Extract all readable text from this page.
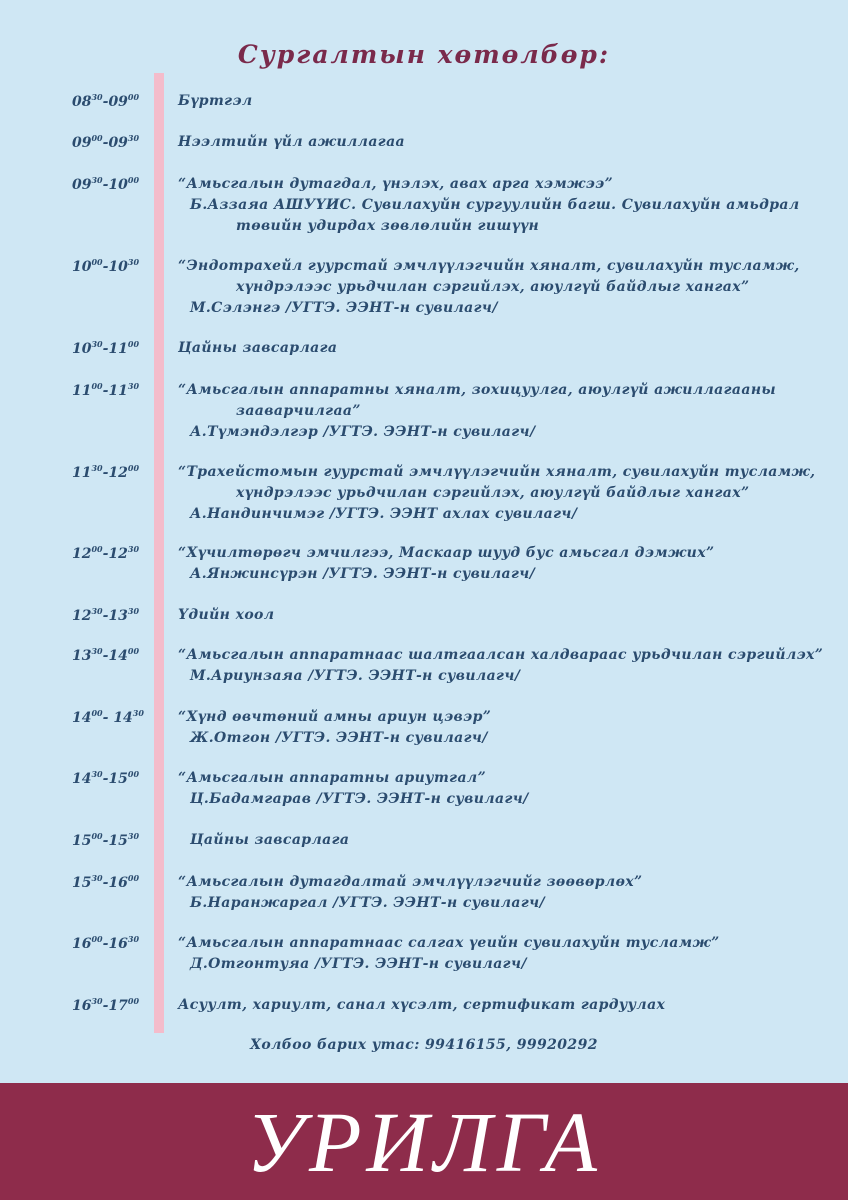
Сургалтын хөтөлбөр:
$08^{30}-09^{00}$	Бүртгэл
$09^{00}-09^{30}$	Нээлтийн үйл ажиллагаа
$09^{30}-10^{00}$	“Амьсгалын дутагдал, үнэлэх, авах арга хэмжээ”
Б.Аззаяа АШУҮИС. Сувилахуйн сургуулийн багш. Сувилахуйн амьдрал
төвийн удирдах зөвлөлийн гишүүн
$10^{00}-10^{30}$	“Эндотрахейл гуурстай эмчлүүлэгчийн хяналт, сувилахуйн тусламж,
хүндрэлээс урьдчилан сэргийлэх, аюулгүй байдлыг хангах”
М.Сэлэнгэ /УГТЭ. ЭЭНТ-н сувилагч/
$10^{30}-11^{00}$	Цайны завсарлага
$11^{00}-11^{30}$	“Амьсгалын аппаратны хяналт, зохицуулга, аюулгүй ажиллагааны
зааварчилгаа”
А.Түмэндэлгэр /УГТЭ. ЭЭНТ-н сувилагч/
$11^{30}-12^{00}$	“Трахейстомын гуурстай эмчлүүлэгчийн хяналт, сувилахуйн тусламж,
хүндрэлээс урьдчилан сэргийлэх, аюулгүй байдлыг хангах”
А.Нандинчимэг /УГТЭ. ЭЭНТ ахлах сувилагч/
$12^{00}-12^{30}$	“Хүчилтөрөгч эмчилгээ, Маскаар шууд бус амьсгал дэмжих”
А.Янжинсүрэн /УГТЭ. ЭЭНТ-н сувилагч/
$12^{30}-13^{30}$	Үдийн хоол
$13^{30}-14^{00}$	“Амьсгалын аппаратнаас шалтгаалсан халдвараас урьдчилан сэргийлэх”
М.Ариунзаяа /УГТЭ. ЭЭНТ-н сувилагч/
$14^{00}-$ $14^{30}$ “Хүнд өвчтөний амны ариун цэвэр”
Ж.Отгон /УГТЭ. ЭЭНТ-н сувилагч/
$14^{30}-15^{00}$	“Амьсгалын аппаратны ариутгал”
Ц.Бадамгарав /УГТЭ. ЭЭНТ-н сувилагч/
$15^{00}-15^{30}$	Цайны завсарлага
$15^{30}-16^{00}$	“Амьсгалын дутагдалтай эмчлүүлэгчийг зөөвөрлөх”
Б.Наранжаргал /УГТЭ. ЭЭНТ-н сувилагч/
$16^{00}-16^{30}$	“Амьсгалын аппаратнаас салгах үеийн сувилахуйн тусламж”
Д.Отгонтуяа /УГТЭ. ЭЭНТ-н сувилагч/
$16^{30}-17^{00}$	Асуулт, хариулт, санал хүсэлт, сертификат гардуулах
Холбоо барих утас: 99416155, 99920292
УРИЛГА
